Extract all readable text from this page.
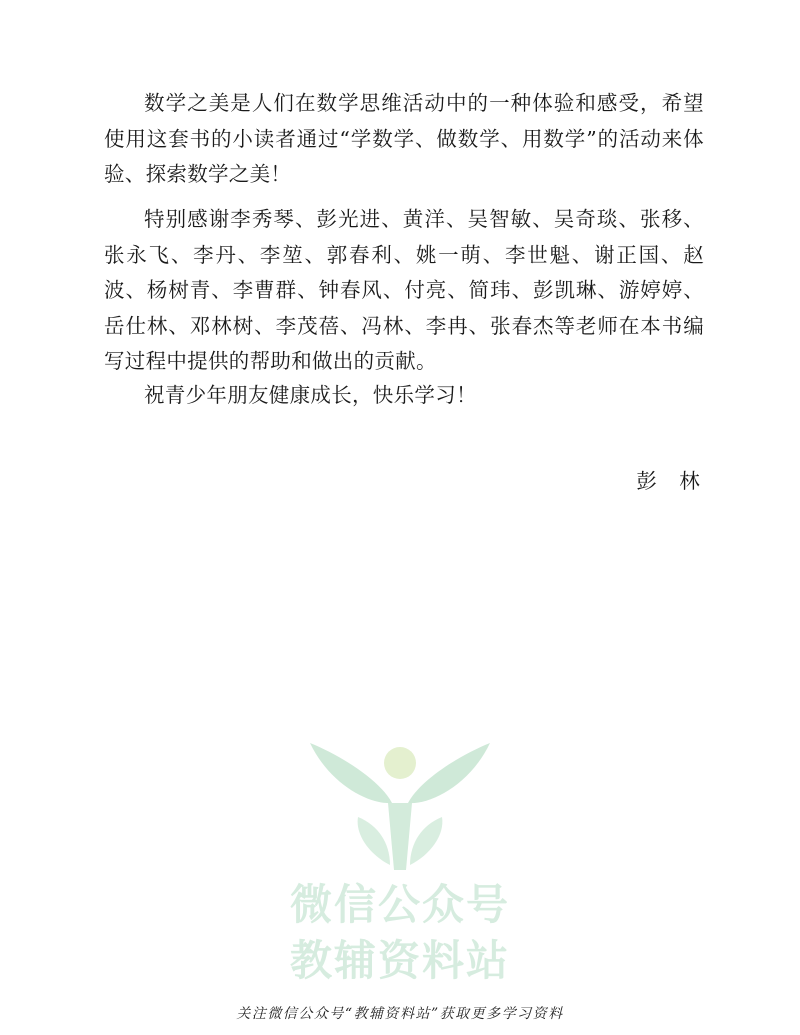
数学之美是人们在数学思维活动中的一种体验和感受，希望使用这套书的小读者通过“学数学、做数学、用数学”的活动来体验、探索数学之美！

特别感谢李秀琴、彭光进、黄洋、吴智敏、吴奇琰、张移、张永飞、李丹、李堃、郭春利、姚一萌、李世魁、谢正国、赵波、杨树青、李曹群、钟春风、付亮、简玮、彭凯琳、游婷婷、岳仕林、邓林树、李茂蓓、冯林、李冉、张春杰等老师在本书编写过程中提供的帮助和做出的贡献。

祝青少年朋友健康成长，快乐学习！

彭 林
微信公众号
教辅资料站
关注微信公众号“教辅资料站”获取更多学习资料
